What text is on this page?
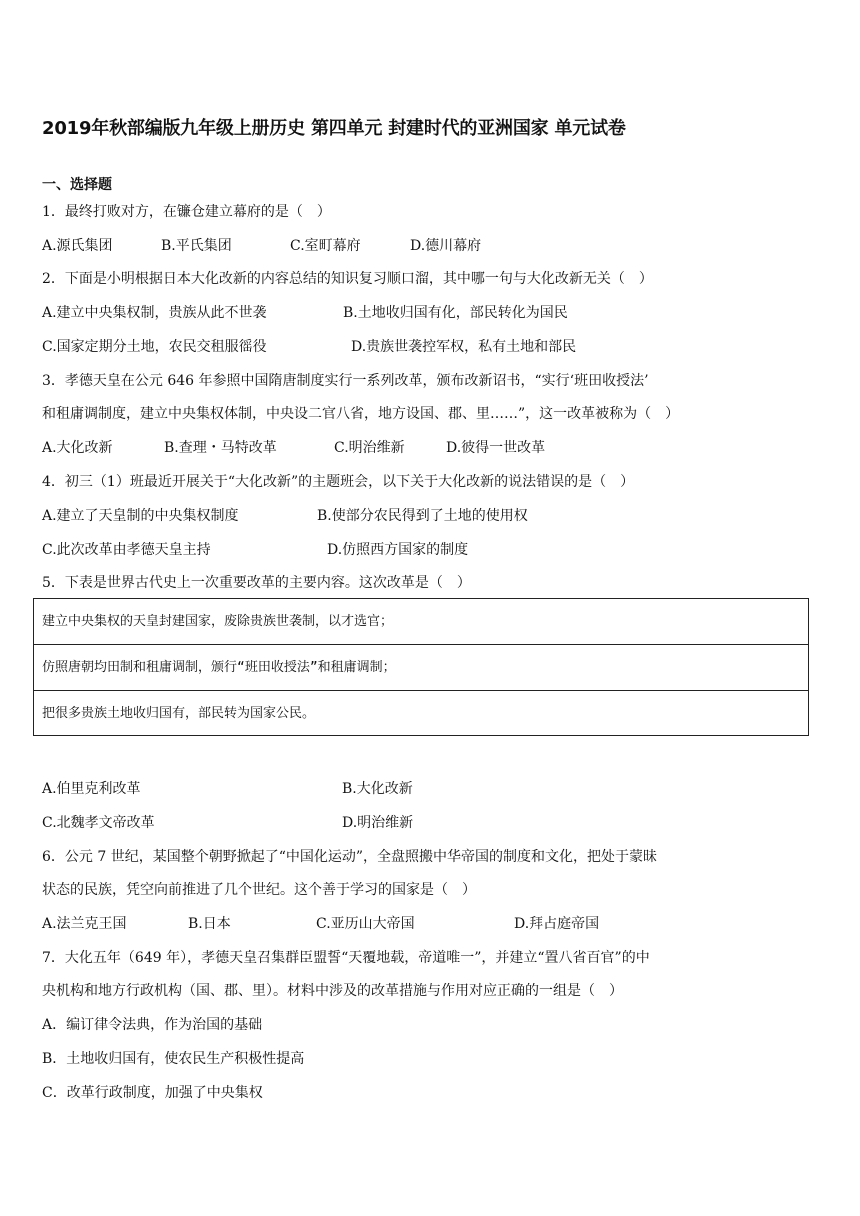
2019年秋部编版九年级上册历史 第四单元 封建时代的亚洲国家 单元试卷
一、选择题
1．最终打败对方，在镰仓建立幕府的是（　）
A.源氏集团	B.平氏集团	C.室町幕府	D.德川幕府
2．下面是小明根据日本大化改新的内容总结的知识复习顺口溜，其中哪一句与大化改新无关（　）
A.建立中央集权制，贵族从此不世袭	B.土地收归国有化，部民转化为国民
C.国家定期分土地，农民交租服徭役	D.贵族世袭控军权，私有土地和部民
3．孝德天皇在公元 646 年参照中国隋唐制度实行一系列改革，颁布改新诏书，“实行‘班田收授法’
和租庸调制度，建立中央集权体制，中央设二官八省，地方设国、郡、里……”，这一改革被称为（　）
A.大化改新	B.查理・马特改革	C.明治维新	D.彼得一世改革
4．初三（1）班最近开展关于“大化改新”的主题班会，以下关于大化改新的说法错误的是（　）
A.建立了天皇制的中央集权制度	B.使部分农民得到了土地的使用权
C.此次改革由孝德天皇主持	D.仿照西方国家的制度
5．下表是世界古代史上一次重要改革的主要内容。这次改革是（　）
建立中央集权的天皇封建国家，废除贵族世袭制，以才选官；
仿照唐朝均田制和租庸调制，颁行“班田收授法”和租庸调制；
把很多贵族土地收归国有，部民转为国家公民。
A.伯里克利改革	B.大化改新
C.北魏孝文帝改革	D.明治维新
6．公元 7 世纪，某国整个朝野掀起了“中国化运动”，全盘照搬中华帝国的制度和文化，把处于蒙昧
状态的民族，凭空向前推进了几个世纪。这个善于学习的国家是（　）
A.法兰克王国	B.日本	C.亚历山大帝国	D.拜占庭帝国
7．大化五年（649 年），孝德天皇召集群臣盟誓“天覆地载，帝道唯一”，并建立“置八省百官”的中
央机构和地方行政机构（国、郡、里）。材料中涉及的改革措施与作用对应正确的一组是（　）
A．编订律令法典，作为治国的基础
B．土地收归国有，使农民生产积极性提高
C．改革行政制度，加强了中央集权
